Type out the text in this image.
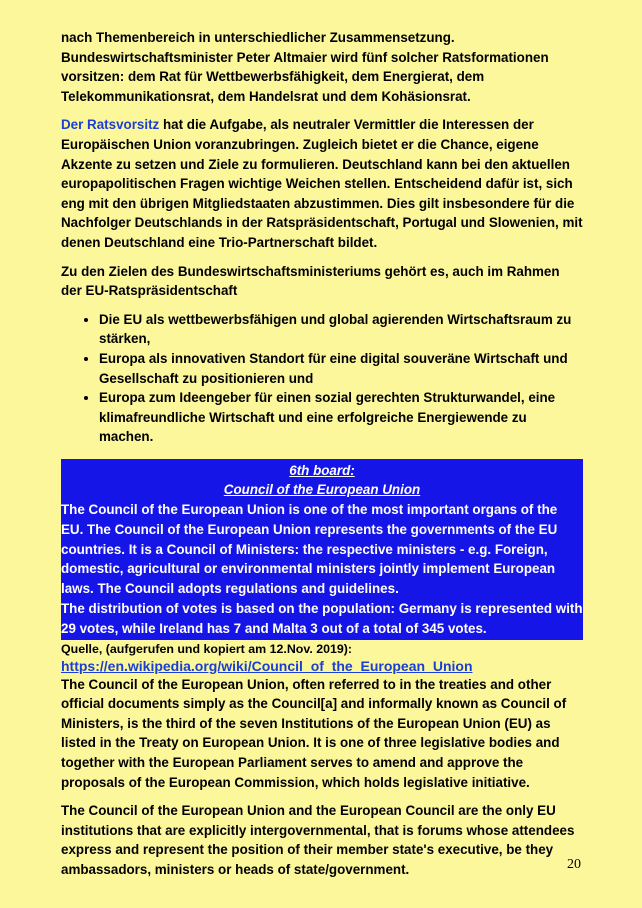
nach Themenbereich in unterschiedlicher Zusammensetzung. Bundeswirtschaftsminister Peter Altmaier wird fünf solcher Ratsformationen vorsitzen: dem Rat für Wettbewerbsfähigkeit, dem Energierat, dem Telekommunikationsrat, dem Handelsrat und dem Kohäsionsrat.

Der Ratsvorsitz hat die Aufgabe, als neutraler Vermittler die Interessen der Europäischen Union voranzubringen. Zugleich bietet er die Chance, eigene Akzente zu setzen und Ziele zu formulieren. Deutschland kann bei den aktuellen europapolitischen Fragen wichtige Weichen stellen. Entscheidend dafür ist, sich eng mit den übrigen Mitgliedstaaten abzustimmen. Dies gilt insbesondere für die Nachfolger Deutschlands in der Ratspräsidentschaft, Portugal und Slowenien, mit denen Deutschland eine Trio-Partnerschaft bildet.

Zu den Zielen des Bundeswirtschaftsministeriums gehört es, auch im Rahmen der EU-Ratspräsidentschaft

• Die EU als wettbewerbsfähigen und global agierenden Wirtschaftsraum zu stärken,
• Europa als innovativen Standort für eine digital souveräne Wirtschaft und Gesellschaft zu positionieren und
• Europa zum Ideengeber für einen sozial gerechten Strukturwandel, eine klimafreundliche Wirtschaft und eine erfolgreiche Energiewende zu machen.
6th board:
Council of the European Union
The Council of the European Union is one of the most important organs of the EU. The Council of the European Union represents the governments of the EU countries. It is a Council of Ministers: the respective ministers - e.g. Foreign, domestic, agricultural or environmental ministers jointly implement European laws. The Council adopts regulations and guidelines.
The distribution of votes is based on the population: Germany is represented with 29 votes, while Ireland has 7 and Malta 3 out of a total of 345 votes.
Quelle, (aufgerufen und kopiert am 12.Nov. 2019):
https://en.wikipedia.org/wiki/Council_of_the_European_Union

The Council of the European Union, often referred to in the treaties and other official documents simply as the Council[a] and informally known as Council of Ministers, is the third of the seven Institutions of the European Union (EU) as listed in the Treaty on European Union. It is one of three legislative bodies and together with the European Parliament serves to amend and approve the proposals of the European Commission, which holds legislative initiative.

The Council of the European Union and the European Council are the only EU institutions that are explicitly intergovernmental, that is forums whose attendees express and represent the position of their member state's executive, be they ambassadors, ministers or heads of state/government.	20
